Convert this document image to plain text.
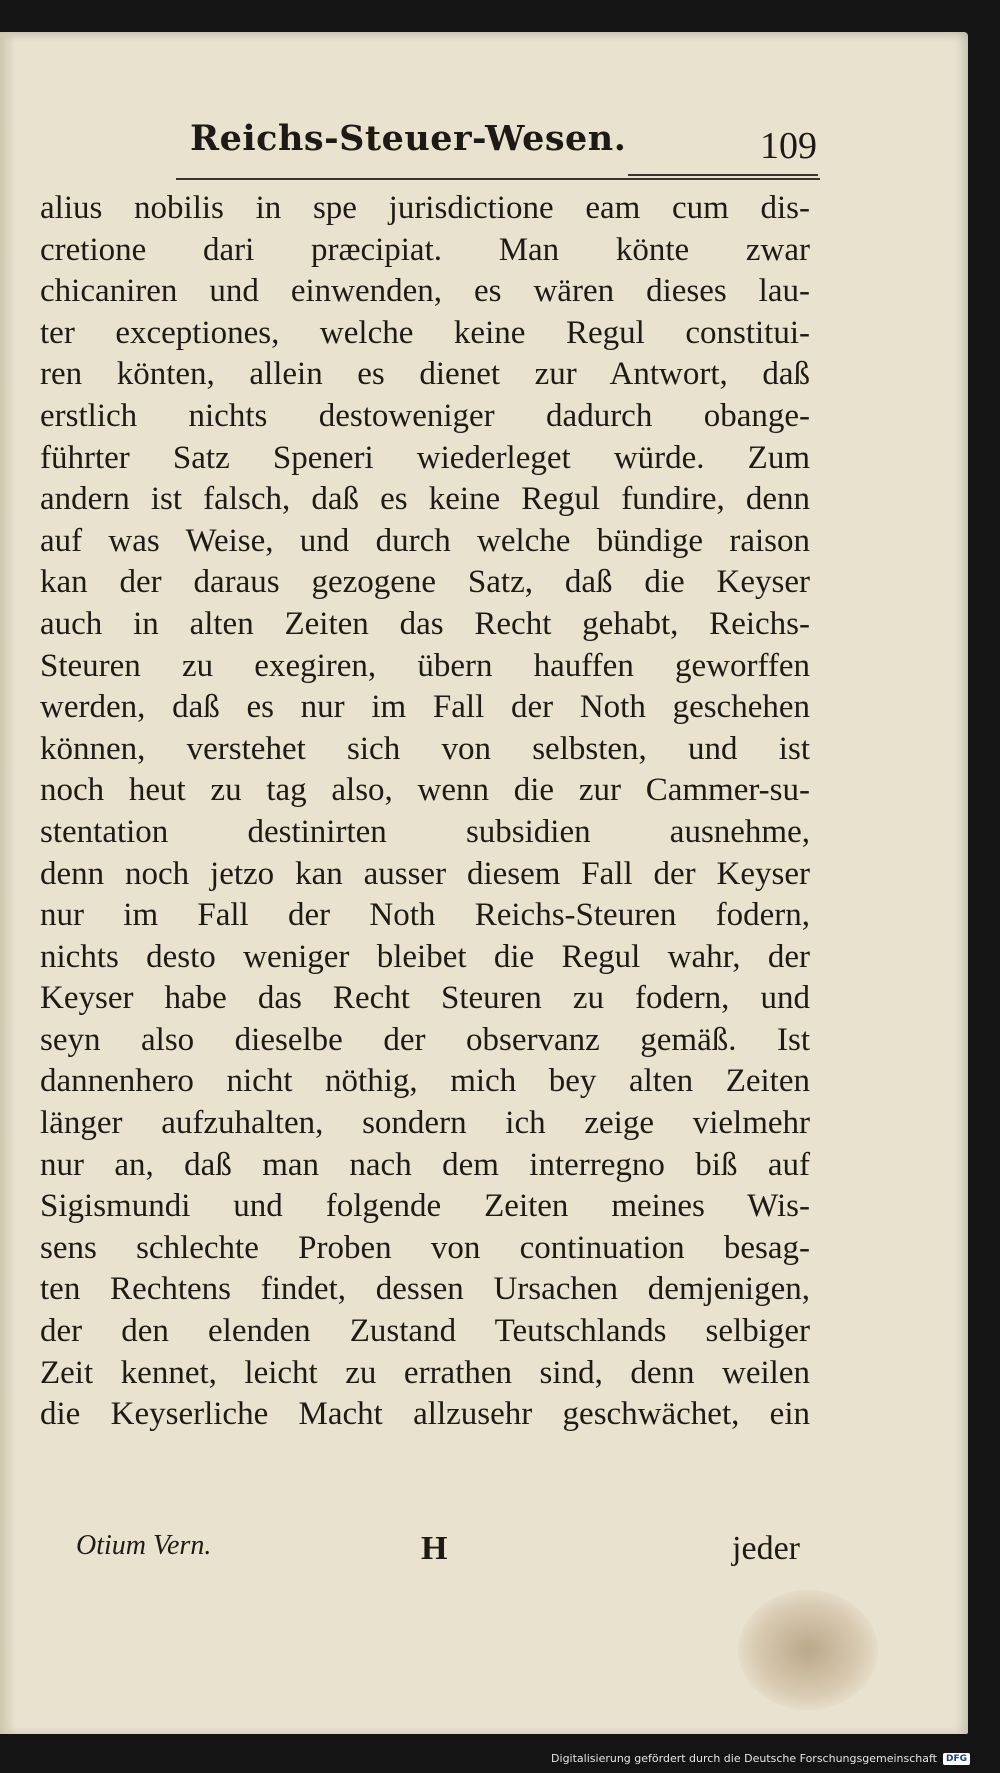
Reichs-Steuer-Wesen.	109
alius nobilis in spe jurisdictione eam cum dis-
cretione dari præcipiat. Man könte zwar
chicaniren und einwenden, es wären dieses lau-
ter exceptiones, welche keine Regul constitui-
ren könten, allein es dienet zur Antwort, daß
erstlich nichts destoweniger dadurch obange-
führter Satz Speneri wiederleget würde. Zum
andern ist falsch, daß es keine Regul fundire, denn
auf was Weise, und durch welche bündige raison
kan der daraus gezogene Satz, daß die Keyser
auch in alten Zeiten das Recht gehabt, Reichs-
Steuren zu exegiren, übern hauffen geworffen
werden, daß es nur im Fall der Noth geschehen
können, verstehet sich von selbsten, und ist
noch heut zu tag also, wenn die zur Cammer-su-
stentation destinirten subsidien ausnehme,
denn noch jetzo kan ausser diesem Fall der Keyser
nur im Fall der Noth Reichs-Steuren fodern,
nichts desto weniger bleibet die Regul wahr, der
Keyser habe das Recht Steuren zu fodern, und
seyn also dieselbe der observanz gemäß. Ist
dannenhero nicht nöthig, mich bey alten Zeiten
länger aufzuhalten, sondern ich zeige vielmehr
nur an, daß man nach dem interregno biß auf
Sigismundi und folgende Zeiten meines Wis-
sens schlechte Proben von continuation besag-
ten Rechtens findet, dessen Ursachen demjenigen,
der den elenden Zustand Teutschlands selbiger
Zeit kennet, leicht zu errathen sind, denn weilen
die Keyserliche Macht allzusehr geschwächet, ein
Otium Vern.	H	jeder
Digitalisierung gefördert durch die Deutsche Forschungsgemeinschaft	DFG
